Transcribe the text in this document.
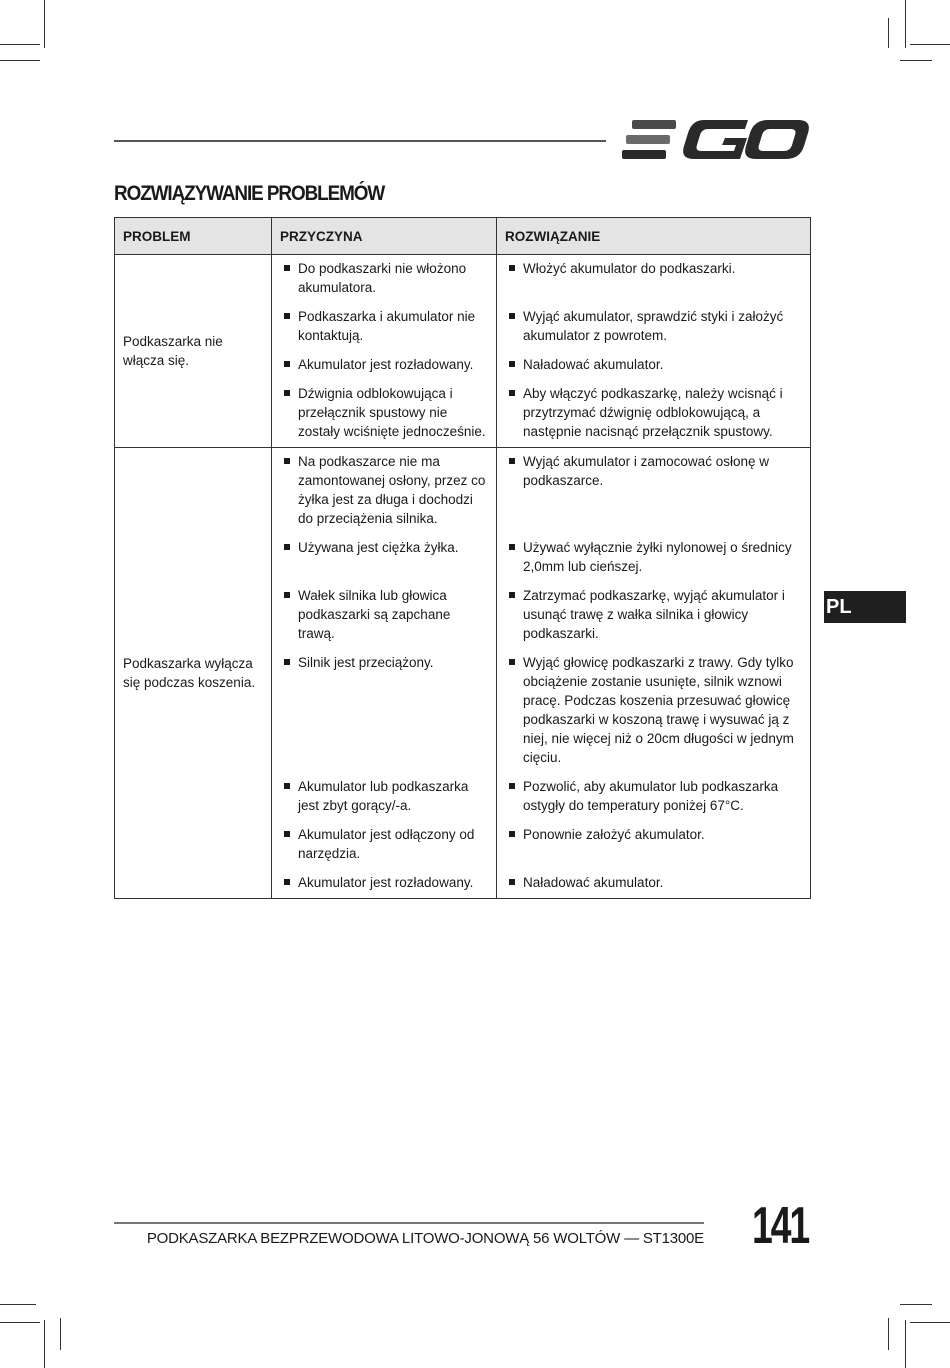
ROZWIĄZYWANIE PROBLEMÓW
PROBLEM	PRZYCZYNA	ROZWIĄZANIE
Podkaszarka nie włącza się.	Do podkaszarki nie włożono akumulatora.	Włożyć akumulator do podkaszarki.

	Podkaszarka i akumulator nie kontaktują.	Wyjąć akumulator, sprawdzić styki i założyć akumulator z powrotem.

	Akumulator jest rozładowany.	Naładować akumulator.

	Dźwignia odblokowująca i przełącznik spustowy nie zostały wciśnięte jednocześnie.	Aby włączyć podkaszarkę, należy wcisnąć i przytrzymać dźwignię odblokowującą, a następnie nacisnąć przełącznik spustowy.

Podkaszarka wyłącza się podczas koszenia.	Na podkaszarce nie ma zamontowanej osłony, przez co żyłka jest za długa i dochodzi do przeciążenia silnika.	Wyjąć akumulator i zamocować osłonę w podkaszarce.

	Używana jest ciężka żyłka.	Używać wyłącznie żyłki nylonowej o średnicy 2,0mm lub cieńszej.

	Wałek silnika lub głowica podkaszarki są zapchane trawą.	Zatrzymać podkaszarkę, wyjąć akumulator i usunąć trawę z wałka silnika i głowicy podkaszarki.

	Silnik jest przeciążony.	Wyjąć głowicę podkaszarki z trawy. Gdy tylko obciążenie zostanie usunięte, silnik wznowi pracę. Podczas koszenia przesuwać głowicę podkaszarki w koszoną trawę i wysuwać ją z niej, nie więcej niż o 20cm długości w jednym cięciu.

	Akumulator lub podkaszarka jest zbyt gorący/-a.	Pozwolić, aby akumulator lub podkaszarka ostygły do temperatury poniżej 67°C.

	Akumulator jest odłączony od narzędzia.	Ponownie założyć akumulator.

	Akumulator jest rozładowany.	Naładować akumulator.
PL
PODKASZARKA BEZPRZEWODOWA LITOWO-JONOWĄ 56 WOLTÓW — ST1300E 141
